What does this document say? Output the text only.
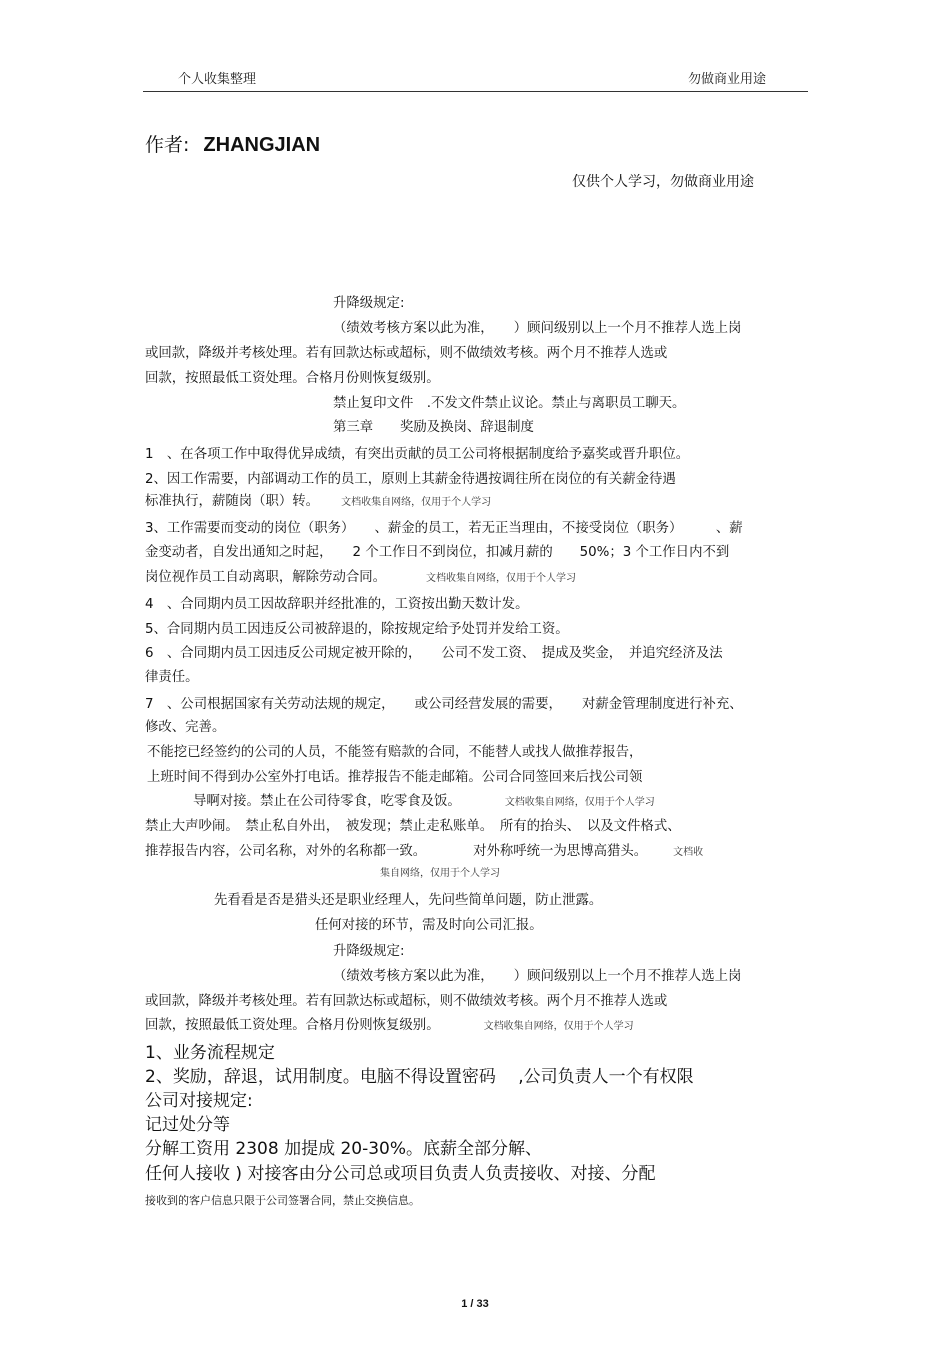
个人收集整理	勿做商业用途
作者: ZHANGJIAN
仅供个人学习，勿做商业用途
升降级规定:
（绩效考核方案以此为准，　　）顾问级别以上一个月不推荐人选上岗
或回款，降级并考核处理。若有回款达标或超标，则不做绩效考核。两个月不推荐人选或
回款，按照最低工资处理。合格月份则恢复级别。
禁止复印文件　.不发文件禁止议论。禁止与离职员工聊天。
第三章　　奖励及换岗、辞退制度
1　、在各项工作中取得优异成绩，有突出贡献的员工公司将根据制度给予嘉奖或晋升职位。
2、因工作需要，内部调动工作的员工，原则上其薪金待遇按调往所在岗位的有关薪金待遇
标准执行，薪随岗（职）转。 文档收集自网络，仅用于个人学习
3、工作需要而变动的岗位（职务）　　、薪金的员工，若无正当理由，不接受岗位（职务）　　　、薪
金变动者，自发出通知之时起，　　2 个工作日不到岗位，扣减月薪的　　50%；3 个工作日内不到
岗位视作员工自动离职，解除劳动合同。	文档收集自网络，仅用于个人学习
4　、合同期内员工因故辞职并经批准的，工资按出勤天数计发。
5、合同期内员工因违反公司被辞退的，除按规定给予处罚并发给工资。
6　、合同期内员工因违反公司规定被开除的，　　公司不发工资、　提成及奖金，　并追究经济及法
律责任。
7　、公司根据国家有关劳动法规的规定，　　或公司经营发展的需要，　　对薪金管理制度进行补充、
修改、完善。
不能挖已经签约的公司的人员，不能签有赔款的合同，不能替人或找人做推荐报告，
上班时间不得到办公室外打电话。推荐报告不能走邮箱。公司合同签回来后找公司领
导啊对接。禁止在公司待零食，吃零食及饭。	文档收集自网络，仅用于个人学习
禁止大声吵闹。　禁止私自外出，　被发现；禁止走私账单。　所有的抬头、　以及文件格式、
推荐报告内容，公司名称，对外的名称都一致。　　　　对外称呼统一为思博高猎头。	文档收
集自网络，仅用于个人学习
先看看是否是猎头还是职业经理人，先问些简单问题，防止泄露。
任何对接的环节，需及时向公司汇报。
升降级规定:
（绩效考核方案以此为准，　　）顾问级别以上一个月不推荐人选上岗
或回款，降级并考核处理。若有回款达标或超标，则不做绩效考核。两个月不推荐人选或
回款，按照最低工资处理。合格月份则恢复级别。	文档收集自网络，仅用于个人学习
1、业务流程规定
2、奖励，辞退，试用制度。电脑不得设置密码　 ,公司负责人一个有权限
公司对接规定:
记过处分等
分解工资用 2308 加提成 20-30%。底薪全部分解、
任何人接收 ) 对接客由分公司总或项目负责人负责接收、对接、分配
接收到的客户信息只限于公司签署合同，禁止交换信息。
1 / 33
